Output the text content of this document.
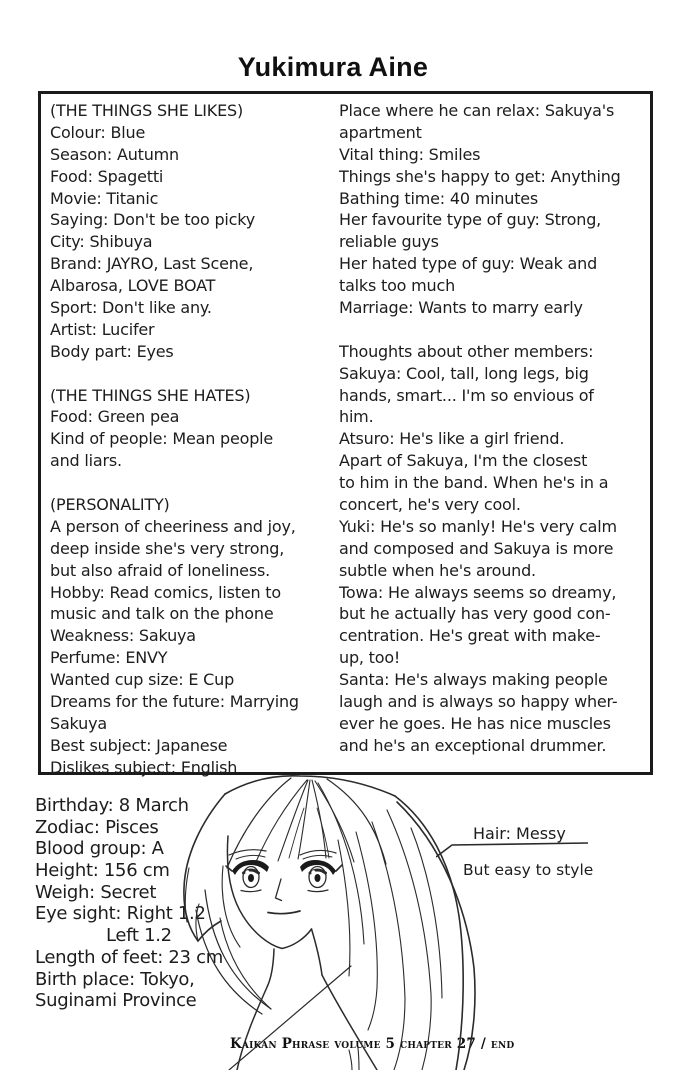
Yukimura Aine
(THE THINGS SHE LIKES)
Colour: Blue
Season: Autumn
Food: Spagetti
Movie: Titanic
Saying: Don't be too picky
City: Shibuya
Brand: JAYRO, Last Scene,
Albarosa, LOVE BOAT
Sport: Don't like any.
Artist: Lucifer
Body part: Eyes
(THE THINGS SHE HATES)
Food: Green pea
Kind of people: Mean people
and liars.
(PERSONALITY)
A person of cheeriness and joy,
deep inside she's very strong,
but also afraid of loneliness.
Hobby: Read comics, listen to
music and talk on the phone
Weakness: Sakuya
Perfume: ENVY
Wanted cup size: E Cup
Dreams for the future: Marrying
Sakuya
Best subject: Japanese
Dislikes subject: English
Place where he can relax: Sakuya's
apartment
Vital thing: Smiles
Things she's happy to get: Anything
Bathing time: 40 minutes
Her favourite type of guy: Strong,
reliable guys
Her hated type of guy: Weak and
talks too much
Marriage: Wants to marry early
Thoughts about other members:
Sakuya: Cool, tall, long legs, big
hands, smart... I'm so envious of
him.
Atsuro: He's like a girl friend.
Apart of Sakuya, I'm the closest
to him in the band. When he's in a
concert, he's very cool.
Yuki: He's so manly! He's very calm
and composed and Sakuya is more
subtle when he's around.
Towa: He always seems so dreamy,
but he actually has very good con-
centration. He's great with make-
up, too!
Santa: He's always making people
laugh and is always so happy wher-
ever he goes. He has nice muscles
and he's an exceptional drummer.
Birthday: 8 March
Zodiac: Pisces
Blood group: A
Height: 156 cm
Weigh: Secret
Eye sight: Right 1.2
Left 1.2
Length of feet: 23 cm
Birth place: Tokyo,
Suginami Province
Hair: Messy
But easy to style
Kaikan Phrase volume 5 chapter 27 / end
